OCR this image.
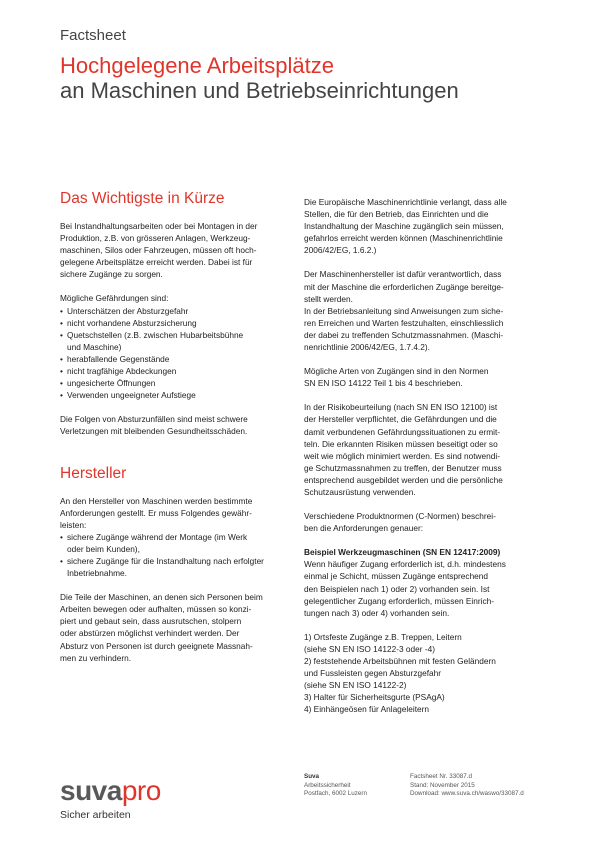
Factsheet
Hochgelegene Arbeitsplätze
an Maschinen und Betriebseinrichtungen
Das Wichtigste in Kürze

Bei Instandhaltungsarbeiten oder bei Montagen in der
Produktion, z.B. von grösseren Anlagen, Werkzeug-
maschinen, Silos oder Fahrzeugen, müssen oft hoch-
gelegene Arbeitsplätze erreicht werden. Dabei ist für
sichere Zugänge zu sorgen.

Mögliche Gefährdungen sind:

• Unterschätzen der Absturzgefahr
• nicht vorhandene Absturzsicherung
• Quetschstellen (z.B. zwischen Hubarbeitsbühne
und Maschine)
• herabfallende Gegenstände
• nicht tragfähige Abdeckungen
• ungesicherte Öffnungen
• Verwenden ungeeigneter Aufstiege

Die Folgen von Absturzunfällen sind meist schwere
Verletzungen mit bleibenden Gesundheitsschäden.

Hersteller

An den Hersteller von Maschinen werden bestimmte
Anforderungen gestellt. Er muss Folgendes gewähr-
leisten:

• sichere Zugänge während der Montage (im Werk
oder beim Kunden),
• sichere Zugänge für die Instandhaltung nach erfolgter
Inbetriebnahme.

Die Teile der Maschinen, an denen sich Personen beim
Arbeiten bewegen oder aufhalten, müssen so konzi-
piert und gebaut sein, dass ausrutschen, stolpern
oder abstürzen möglichst verhindert werden. Der
Absturz von Personen ist durch geeignete Massnah-
men zu verhindern.

Die Europäische Maschinenrichtlinie verlangt, dass alle
Stellen, die für den Betrieb, das Einrichten und die
Instandhaltung der Maschine zugänglich sein müssen,
gefahrlos erreicht werden können (Maschinenrichtlinie
2006/42/EG, 1.6.2.)

Der Maschinenhersteller ist dafür verantwortlich, dass
mit der Maschine die erforderlichen Zugänge bereitge-
stellt werden.

In der Betriebsanleitung sind Anweisungen zum siche-
ren Erreichen und Warten festzuhalten, einschliesslich
der dabei zu treffenden Schutzmassnahmen. (Maschi-
nenrichtlinie 2006/42/EG, 1.7.4.2).

Mögliche Arten von Zugängen sind in den Normen
SN EN ISO 14122 Teil 1 bis 4 beschrieben.

In der Risikobeurteilung (nach SN EN ISO 12100) ist
der Hersteller verpflichtet, die Gefährdungen und die
damit verbundenen Gefährdungssituationen zu ermit-
teln. Die erkannten Risiken müssen beseitigt oder so
weit wie möglich minimiert werden. Es sind notwendi-
ge Schutzmassnahmen zu treffen, der Benutzer muss
entsprechend ausgebildet werden und die persönliche
Schutzausrüstung verwenden.

Verschiedene Produktnormen (C-Normen) beschrei-
ben die Anforderungen genauer:

Beispiel Werkzeugmaschinen (SN EN 12417:2009)

Wenn häufiger Zugang erforderlich ist, d.h. mindestens
einmal je Schicht, müssen Zugänge entsprechend
den Beispielen nach 1) oder 2) vorhanden sein. Ist
gelegentlicher Zugang erforderlich, müssen Einrich-
tungen nach 3) oder 4) vorhanden sein.

1) Ortsfeste Zugänge z.B. Treppen, Leitern
(siehe SN EN ISO 14122-3 oder -4)
2) feststehende Arbeitsbühnen mit festen Geländern
und Fussleisten gegen Absturzgefahr
(siehe SN EN ISO 14122-2)
3) Halter für Sicherheitsgurte (PSAgA)
4) Einhängeösen für Anlageleitern
suvapro
Sicher arbeiten
Suva
Arbeitssicherheit
Postfach, 6002 Luzern
Factsheet Nr. 33087.d
Stand: November 2015
Download: www.suva.ch/waswo/33087.d
